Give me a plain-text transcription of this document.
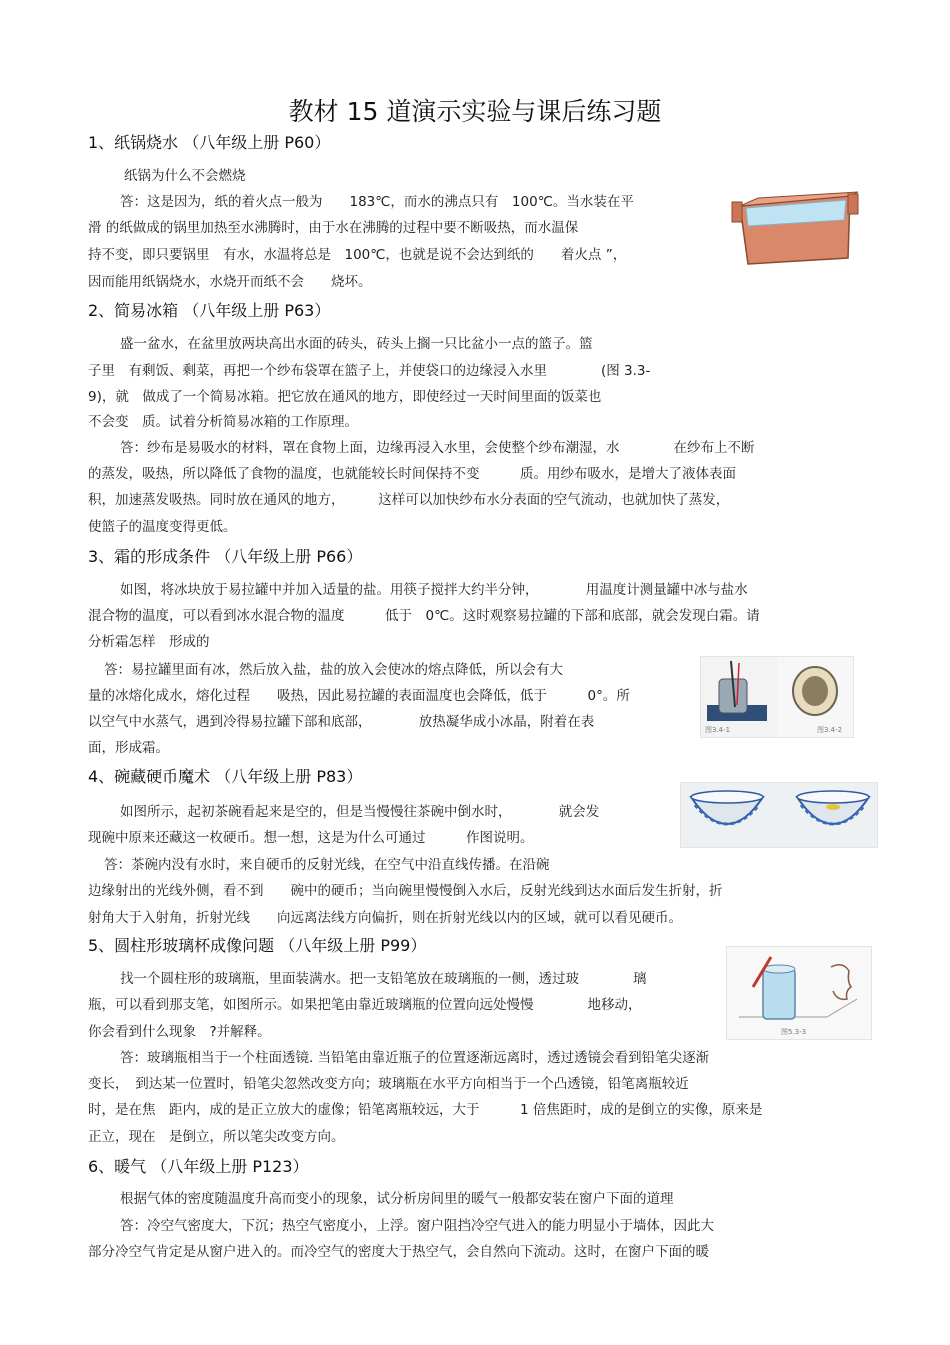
教材 15 道演示实验与课后练习题
1、纸锅烧水 （八年级上册 P60）
纸锅为什么不会燃烧
答：这是因为，纸的着火点一般为　　183℃，而水的沸点只有　100℃。当水装在平
滑 的纸做成的锅里加热至水沸腾时，由于水在沸腾的过程中要不断吸热，而水温保
持不变，即只要锅里　有水，水温将总是　100℃，也就是说不会达到纸的　　着火点 ”，
因而能用纸锅烧水，水烧开而纸不会　　烧坏。
2、简易冰箱 （八年级上册 P63）
盛一盆水，在盆里放两块高出水面的砖头，砖头上搁一只比盆小一点的篮子。篮
子里　有剩饭、剩菜，再把一个纱布袋罩在篮子上，并使袋口的边缘浸入水里　　　　(图 3.3-
9)，就　做成了一个简易冰箱。把它放在通风的地方，即使经过一天时间里面的饭菜也
不会变　质。试着分析简易冰箱的工作原理。
答：纱布是易吸水的材料，罩在食物上面，边缘再浸入水里，会使整个纱布潮湿，水　　　　在纱布上不断
的蒸发，吸热，所以降低了食物的温度，也就能较长时间保持不变　　　质。用纱布吸水，是增大了液体表面
积，加速蒸发吸热。同时放在通风的地方，　　　这样可以加快纱布水分表面的空气流动，也就加快了蒸发，
使篮子的温度变得更低。
3、霜的形成条件 （八年级上册 P66）
如图，将冰块放于易拉罐中并加入适量的盐。用筷子搅拌大约半分钟，　　　　用温度计测量罐中冰与盐水
混合物的温度，可以看到冰水混合物的温度　　　低于　0℃。这时观察易拉罐的下部和底部，就会发现白霜。请
分析霜怎样　形成的
答：易拉罐里面有冰，然后放入盐，盐的放入会使冰的熔点降低，所以会有大
量的冰熔化成水，熔化过程　　吸热，因此易拉罐的表面温度也会降低，低于　　　0°。所
以空气中水蒸气，遇到冷得易拉罐下部和底部，　　　　放热凝华成小冰晶，附着在表
面，形成霜。
图3.4-1	图3.4-2
4、碗藏硬币魔术 （八年级上册 P83）
如图所示，起初茶碗看起来是空的，但是当慢慢往茶碗中倒水时，　　　　就会发
现碗中原来还藏这一枚硬币。想一想，这是为什么可通过　　　作图说明。
答：茶碗内没有水时，来自硬币的反射光线，在空气中沿直线传播。在沿碗
边缘射出的光线外侧，看不到　　碗中的硬币；当向碗里慢慢倒入水后，反射光线到达水面后发生折射，折
射角大于入射角，折射光线　　向远离法线方向偏折，则在折射光线以内的区域，就可以看见硬币。
5、圆柱形玻璃杯成像问题 （八年级上册 P99）
找一个圆柱形的玻璃瓶，里面装满水。把一支铅笔放在玻璃瓶的一侧，透过玻　　　　璃
瓶，可以看到那支笔，如图所示。如果把笔由靠近玻璃瓶的位置向远处慢慢　　　　地移动，
你会看到什么现象　?并解释。
答：玻璃瓶相当于一个柱面透镜. 当铅笔由靠近瓶子的位置逐渐远离时，透过透镜会看到铅笔尖逐渐
变长，　到达某一位置时，铅笔尖忽然改变方向；玻璃瓶在水平方向相当于一个凸透镜，铅笔离瓶较近
时，是在焦　距内，成的是正立放大的虚像；铅笔离瓶较远，大于　　　1 倍焦距时，成的是倒立的实像，原来是
正立，现在　是倒立，所以笔尖改变方向。
图5.3-3
6、暖气 （八年级上册 P123）
根据气体的密度随温度升高而变小的现象，试分析房间里的暖气一般都安装在窗户下面的道理
答：冷空气密度大，下沉；热空气密度小，上浮。窗户阻挡冷空气进入的能力明显小于墙体，因此大
部分冷空气肯定是从窗户进入的。而冷空气的密度大于热空气，会自然向下流动。这时，在窗户下面的暖
